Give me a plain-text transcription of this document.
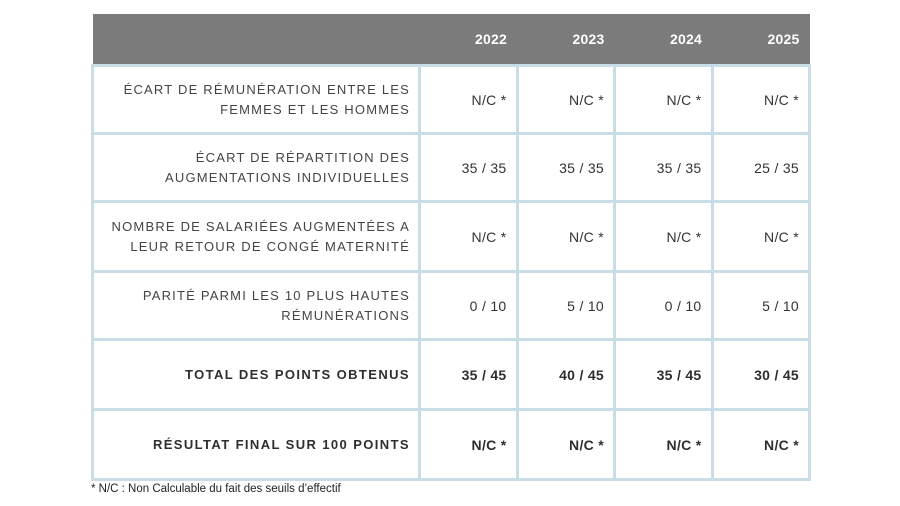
	2022	2023	2024	2025
ÉCART DE RÉMUNÉRATION ENTRE LES FEMMES ET LES HOMMES	N/C *	N/C *	N/C *	N/C *
ÉCART DE RÉPARTITION DES AUGMENTATIONS INDIVIDUELLES	35 / 35	35 / 35	35 / 35	25 / 35
NOMBRE DE SALARIÉES AUGMENTÉES A LEUR RETOUR DE CONGÉ MATERNITÉ	N/C *	N/C *	N/C *	N/C *
PARITÉ PARMI LES 10 PLUS HAUTES RÉMUNÉRATIONS	0 / 10	5 / 10	0 / 10	5 / 10
TOTAL DES POINTS OBTENUS	35 / 45	40 / 45	35 / 45	30 / 45
RÉSULTAT FINAL SUR 100 POINTS	N/C *	N/C *	N/C *	N/C *
* N/C : Non Calculable du fait des seuils d’effectif
